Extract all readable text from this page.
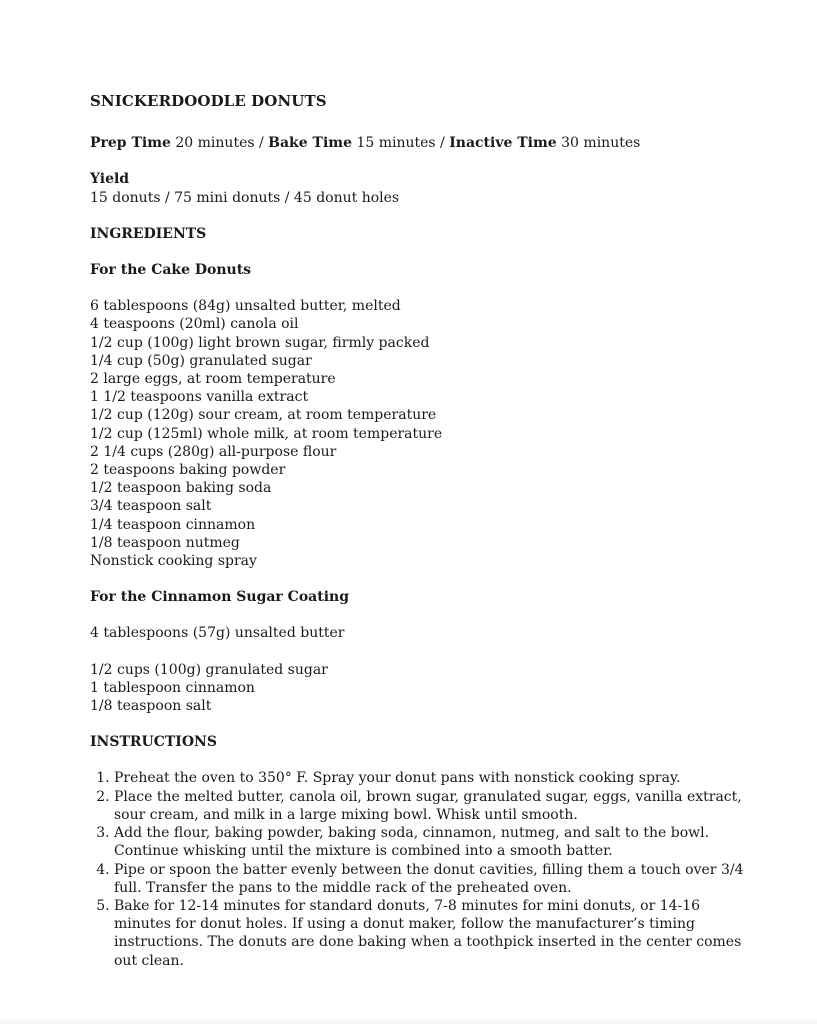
SNICKERDOODLE DONUTS
Prep Time 20 minutes / Bake Time 15 minutes / Inactive Time 30 minutes
Yield
15 donuts / 75 mini donuts / 45 donut holes
INGREDIENTS
For the Cake Donuts
6 tablespoons (84g) unsalted butter, melted
4 teaspoons (20ml) canola oil
1/2 cup (100g) light brown sugar, firmly packed
1/4 cup (50g) granulated sugar
2 large eggs, at room temperature
1 1/2 teaspoons vanilla extract
1/2 cup (120g) sour cream, at room temperature
1/2 cup (125ml) whole milk, at room temperature
2 1/4 cups (280g) all-purpose flour
2 teaspoons baking powder
1/2 teaspoon baking soda
3/4 teaspoon salt
1/4 teaspoon cinnamon
1/8 teaspoon nutmeg
Nonstick cooking spray
For the Cinnamon Sugar Coating
4 tablespoons (57g) unsalted butter
1/2 cups (100g) granulated sugar
1 tablespoon cinnamon
1/8 teaspoon salt
INSTRUCTIONS
1. Preheat the oven to 350° F. Spray your donut pans with nonstick cooking spray.
2. Place the melted butter, canola oil, brown sugar, granulated sugar, eggs, vanilla extract, sour cream, and milk in a large mixing bowl. Whisk until smooth.
3. Add the flour, baking powder, baking soda, cinnamon, nutmeg, and salt to the bowl. Continue whisking until the mixture is combined into a smooth batter.
4. Pipe or spoon the batter evenly between the donut cavities, filling them a touch over 3/4 full. Transfer the pans to the middle rack of the preheated oven.
5. Bake for 12-14 minutes for standard donuts, 7-8 minutes for mini donuts, or 14-16 minutes for donut holes. If using a donut maker, follow the manufacturer’s timing instructions. The donuts are done baking when a toothpick inserted in the center comes out clean.
